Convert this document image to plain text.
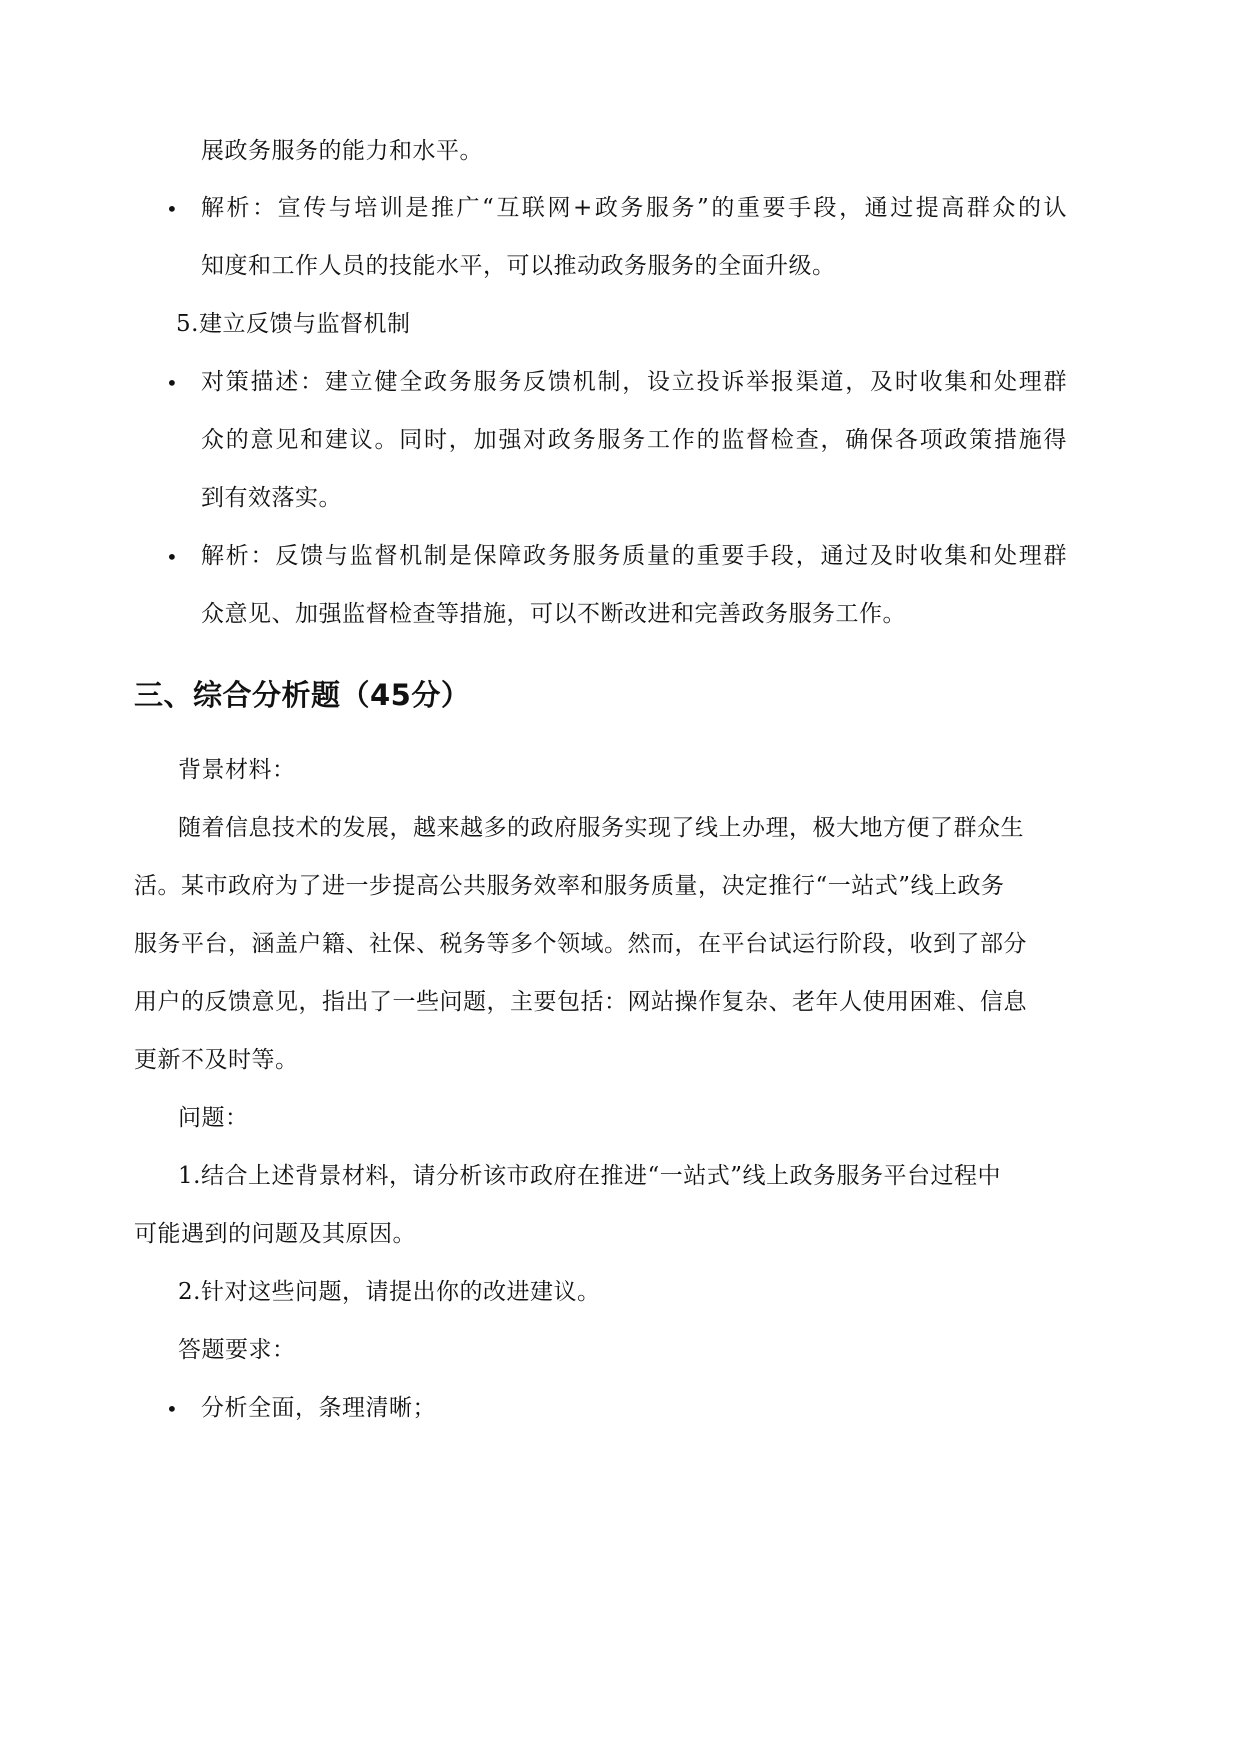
展政务服务的能力和水平。
• 解析：宣传与培训是推广“互联网+政务服务”的重要手段，通过提高群众的认
知度和工作人员的技能水平，可以推动政务服务的全面升级。
5.建立反馈与监督机制
• 对策描述：建立健全政务服务反馈机制，设立投诉举报渠道，及时收集和处理群
众的意见和建议。同时，加强对政务服务工作的监督检查，确保各项政策措施得
到有效落实。
• 解析：反馈与监督机制是保障政务服务质量的重要手段，通过及时收集和处理群
众意见、加强监督检查等措施，可以不断改进和完善政务服务工作。
三、综合分析题（45分）
背景材料：
随着信息技术的发展，越来越多的政府服务实现了线上办理，极大地方便了群众生
活。某市政府为了进一步提高公共服务效率和服务质量，决定推行“一站式”线上政务
服务平台，涵盖户籍、社保、税务等多个领域。然而，在平台试运行阶段，收到了部分
用户的反馈意见，指出了一些问题，主要包括：网站操作复杂、老年人使用困难、信息
更新不及时等。
问题：
1.结合上述背景材料，请分析该市政府在推进“一站式”线上政务服务平台过程中
可能遇到的问题及其原因。
2.针对这些问题，请提出你的改进建议。
答题要求：
• 分析全面，条理清晰；
